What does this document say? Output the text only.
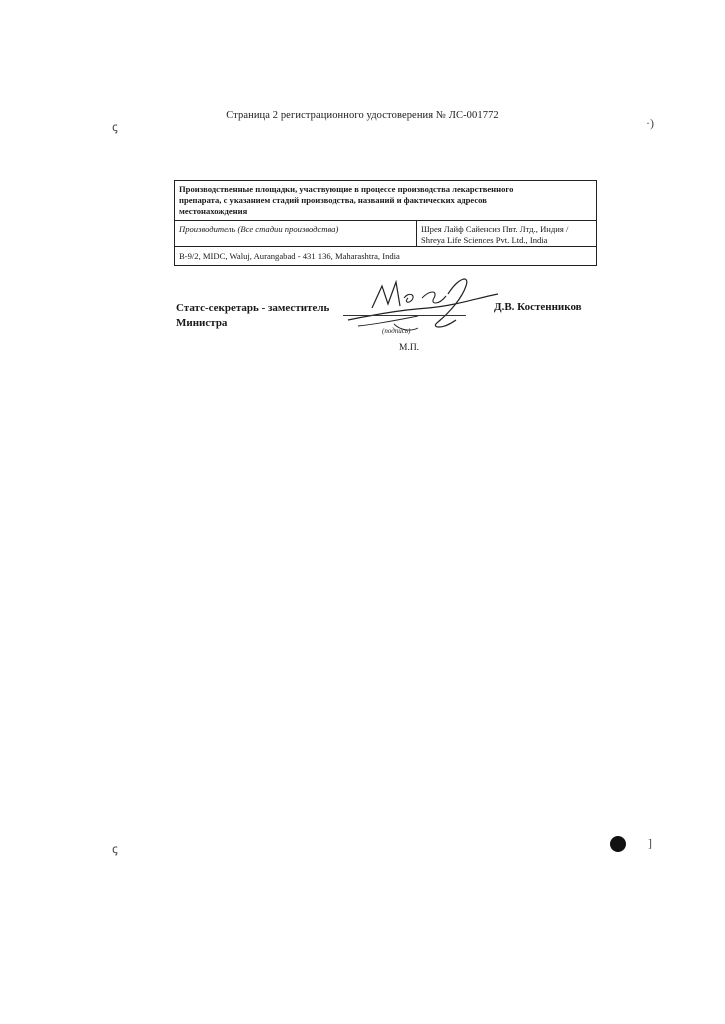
Страница 2 регистрационного удостоверения № ЛС-001772
Производственные площадки, участвующие в процессе производства лекарственного
препарата, с указанием стадий производства, названий и фактических адресов
местонахождения
Производитель (Все стадии производства)	Шрея Лайф Сайенсиз Пвт. Лтд., Индия /
Shreya Life Sciences Pvt. Ltd., India
B-9/2, MIDC, Waluj, Aurangabad - 431 136, Maharashtra, India
Статс-секретарь - заместитель
Министра
(подпись)
Д.В. Костенников
М.П.
ꞔ	·)
ꞔ	]
